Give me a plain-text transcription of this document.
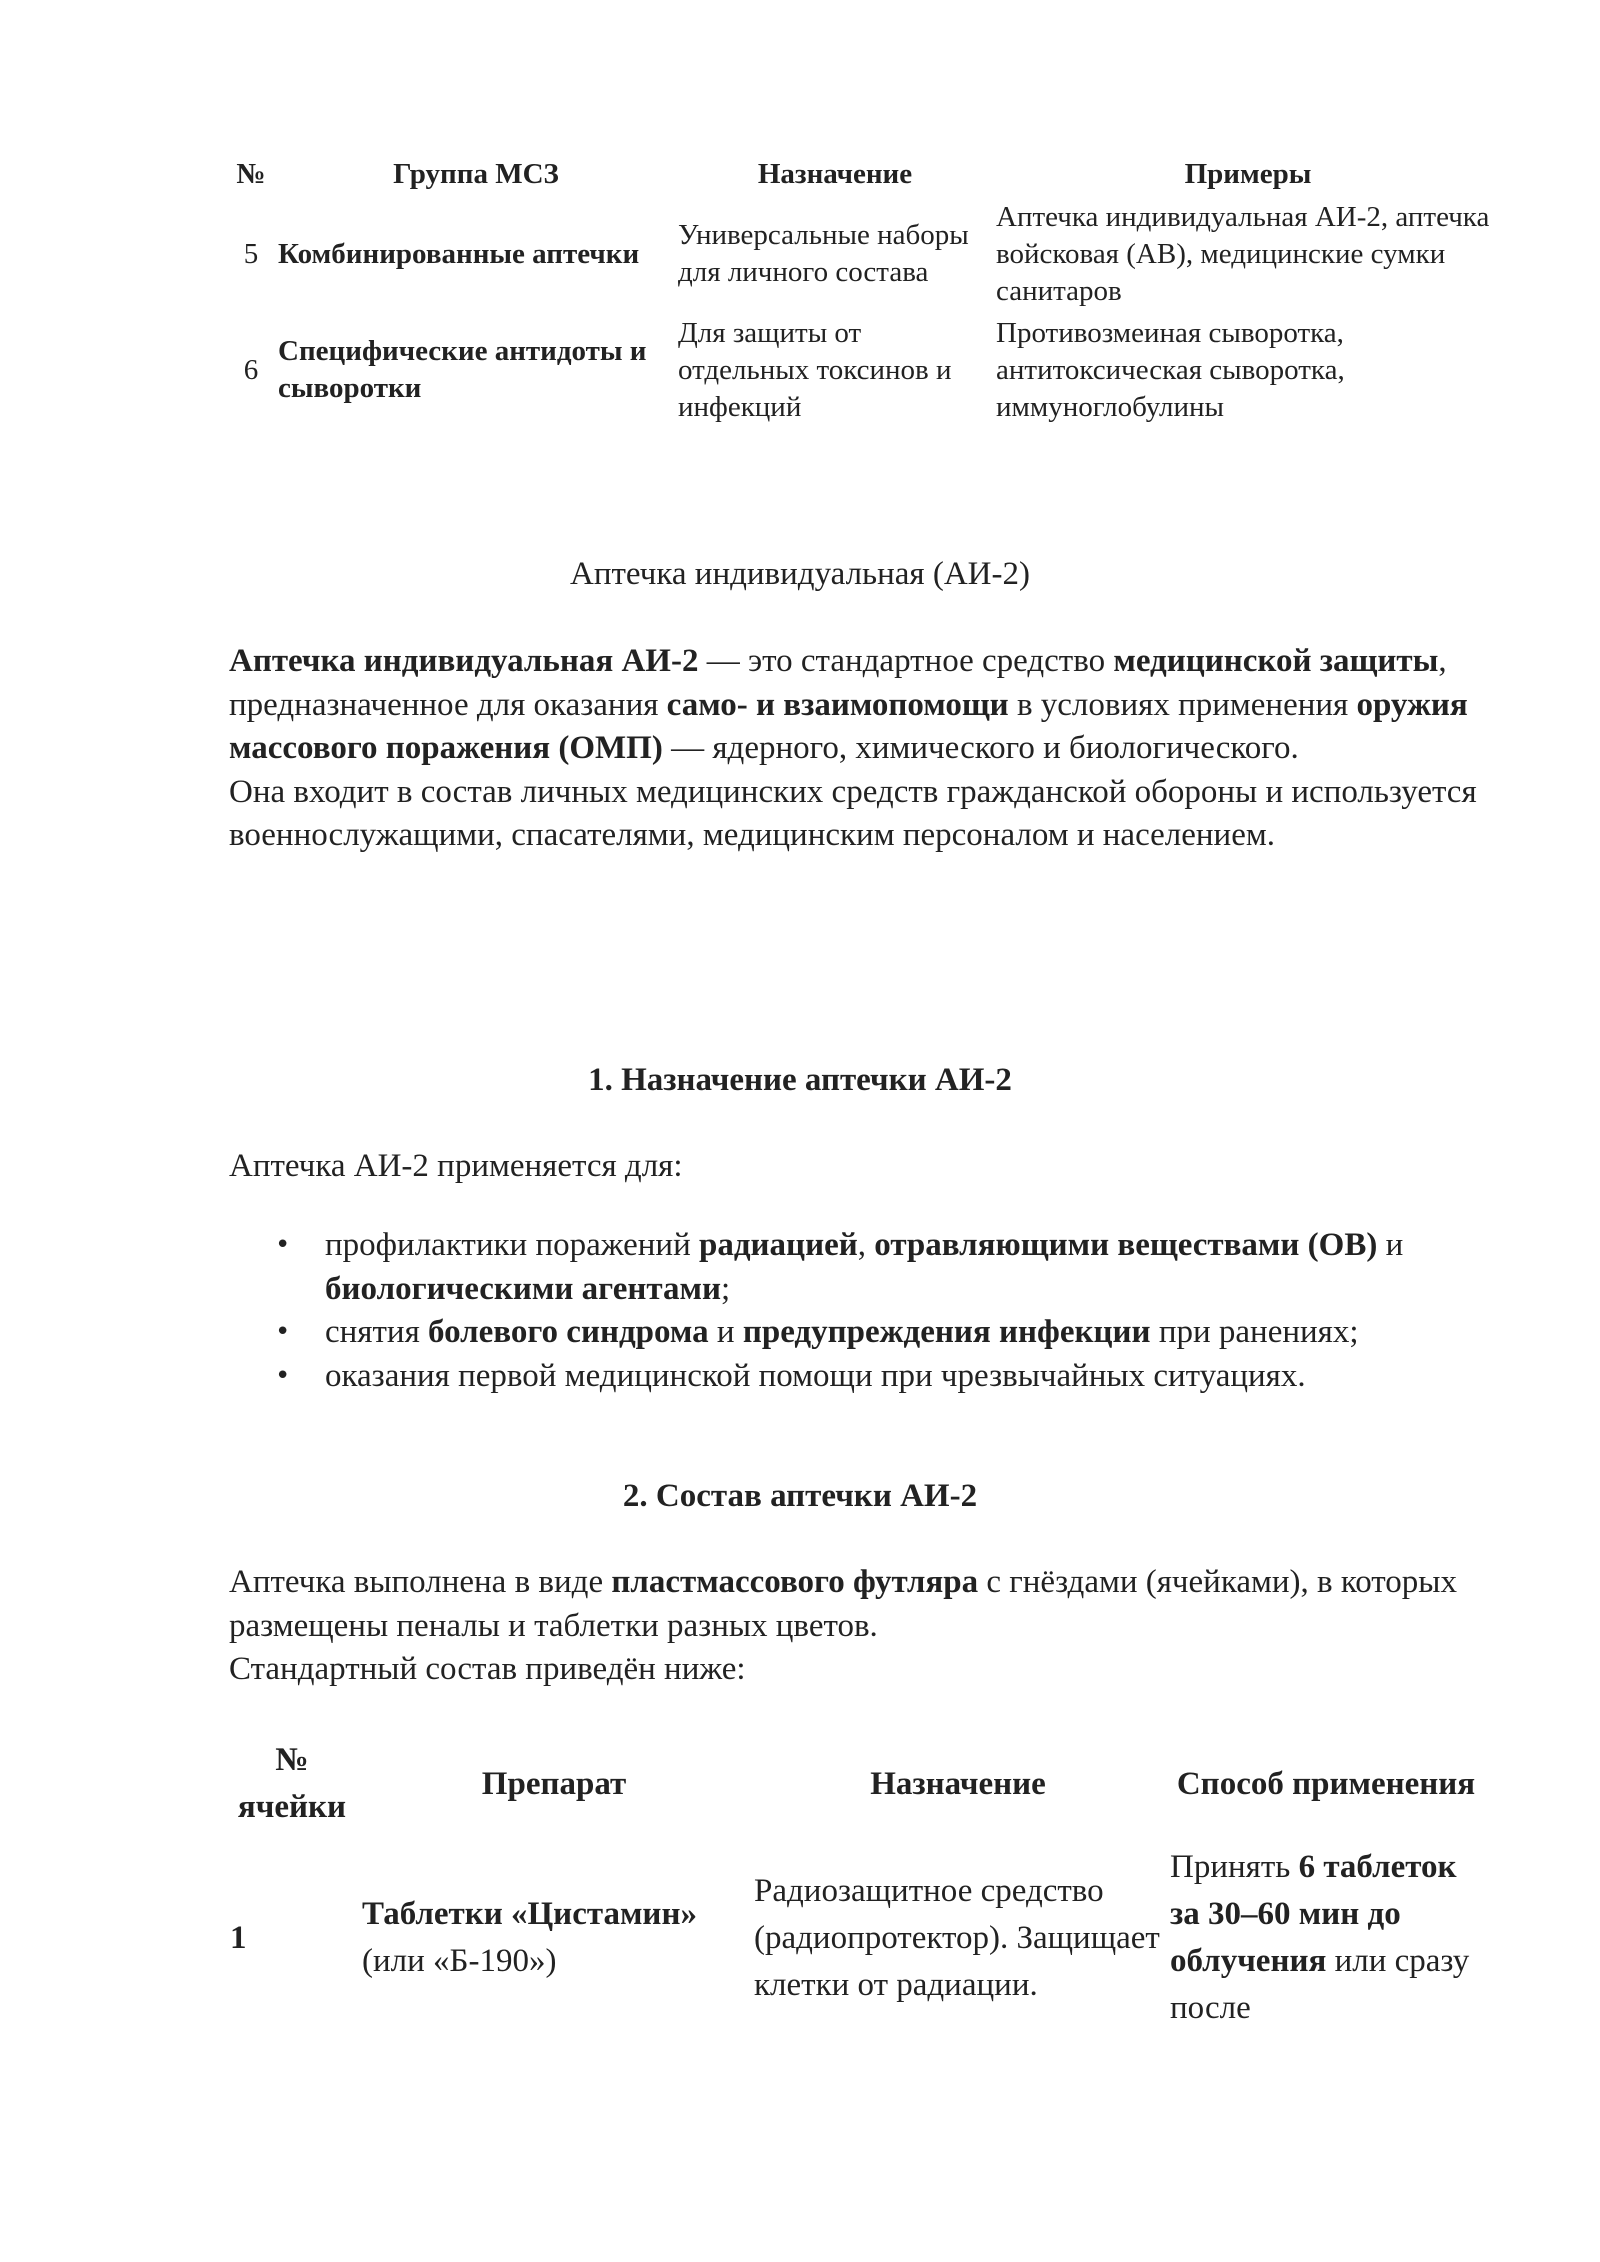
№	Группа МСЗ	Назначение	Примеры
5	Комбинированные аптечки	Универсальные наборы для личного состава	Аптечка индивидуальная АИ-2, аптечка войсковая (АВ), медицинские сумки санитаров
6	Специфические антидоты и сыворотки	Для защиты от отдельных токсинов и инфекций	Противозмеиная сыворотка, антитоксическая сыворотка, иммуноглобулины
Аптечка индивидуальная (АИ-2)

Аптечка индивидуальная АИ-2 — это стандартное средство медицинской защиты, предназначенное для оказания само- и взаимопомощи в условиях применения оружия массового поражения (ОМП) — ядерного, химического и биологического.
Она входит в состав личных медицинских средств гражданской обороны и используется военнослужащими, спасателями, медицинским персоналом и населением.

1. Назначение аптечки АИ-2

Аптечка АИ-2 применяется для:

• профилактики поражений радиацией, отравляющими веществами (ОВ) и биологическими агентами;
• снятия болевого синдрома и предупреждения инфекции при ранениях;
• оказания первой медицинской помощи при чрезвычайных ситуациях.
2. Состав аптечки АИ-2

Аптечка выполнена в виде пластмассового футляра с гнёздами (ячейками), в которых размещены пеналы и таблетки разных цветов.
Стандартный состав приведён ниже:

№ ячейки	Препарат	Назначение	Способ применения
1	Таблетки «Цистамин» (или «Б-190»)	Радиозащитное средство (радиопротектор). Защищает клетки от радиации.	Принять 6 таблеток за 30–60 мин до облучения или сразу после
